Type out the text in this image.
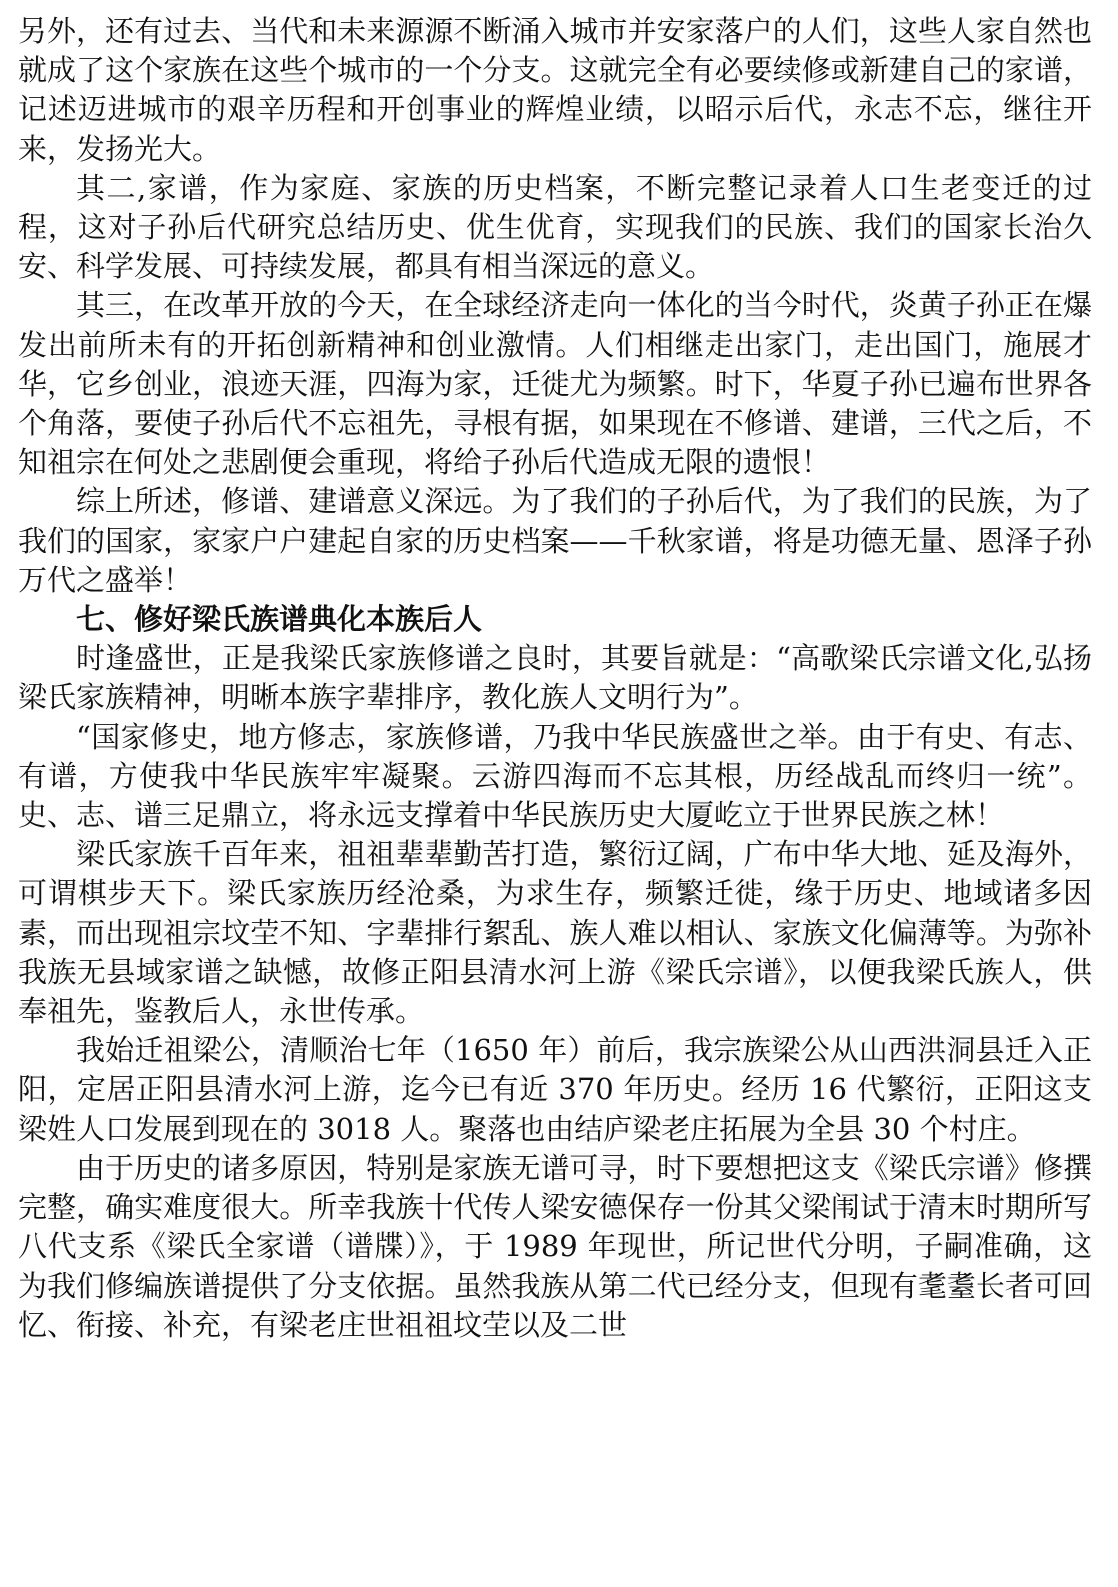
另外，还有过去、当代和未来源源不断涌入城市并安家落户的人们，这些人家自然也就成了这个家族在这些个城市的一个分支。这就完全有必要续修或新建自己的家谱，记述迈进城市的艰辛历程和开创事业的辉煌业绩，以昭示后代，永志不忘，继往开来，发扬光大。

其二,家谱，作为家庭、家族的历史档案，不断完整记录着人口生老变迁的过程，这对子孙后代研究总结历史、优生优育，实现我们的民族、我们的国家长治久安、科学发展、可持续发展，都具有相当深远的意义。

其三，在改革开放的今天，在全球经济走向一体化的当今时代，炎黄子孙正在爆发出前所未有的开拓创新精神和创业激情。人们相继走出家门，走出国门，施展才华，它乡创业，浪迹天涯，四海为家，迁徙尤为频繁。时下，华夏子孙已遍布世界各个角落，要使子孙后代不忘祖先，寻根有据，如果现在不修谱、建谱，三代之后，不知祖宗在何处之悲剧便会重现，将给子孙后代造成无限的遗恨！

综上所述，修谱、建谱意义深远。为了我们的子孙后代，为了我们的民族，为了我们的国家，家家户户建起自家的历史档案——千秋家谱，将是功德无量、恩泽子孙万代之盛举！

七、修好梁氏族谱典化本族后人

时逢盛世，正是我梁氏家族修谱之良时，其要旨就是：“高歌梁氏宗谱文化,弘扬梁氏家族精神，明晰本族字辈排序，教化族人文明行为”。

“国家修史，地方修志，家族修谱，乃我中华民族盛世之举。由于有史、有志、有谱，方使我中华民族牢牢凝聚。云游四海而不忘其根，历经战乱而终归一统”。史、志、谱三足鼎立，将永远支撑着中华民族历史大厦屹立于世界民族之林！

梁氏家族千百年来，祖祖辈辈勤苦打造，繁衍辽阔，广布中华大地、延及海外，可谓棋步天下。梁氏家族历经沧桑，为求生存，频繁迁徙，缘于历史、地域诸多因素，而出现祖宗坟茔不知、字辈排行絮乱、族人难以相认、家族文化偏薄等。为弥补我族无县域家谱之缺憾，故修正阳县清水河上游《梁氏宗谱》，以便我梁氏族人，供奉祖先，鉴教后人，永世传承。

我始迁祖梁公，清顺治七年（1650 年）前后，我宗族梁公从山西洪洞县迁入正阳，定居正阳县清水河上游，迄今已有近 370 年历史。经历 16 代繁衍，正阳这支梁姓人口发展到现在的 3018 人。聚落也由结庐梁老庄拓展为全县 30 个村庄。

由于历史的诸多原因，特别是家族无谱可寻，时下要想把这支《梁氏宗谱》修撰完整，确实难度很大。所幸我族十代传人梁安德保存一份其父梁闱试于清末时期所写八代支系《梁氏全家谱（谱牒）》，于 1989 年现世，所记世代分明，子嗣准确，这为我们修编族谱提供了分支依据。虽然我族从第二代已经分支，但现有耄耋长者可回忆、衔接、补充，有梁老庄世祖祖坟茔以及二世
